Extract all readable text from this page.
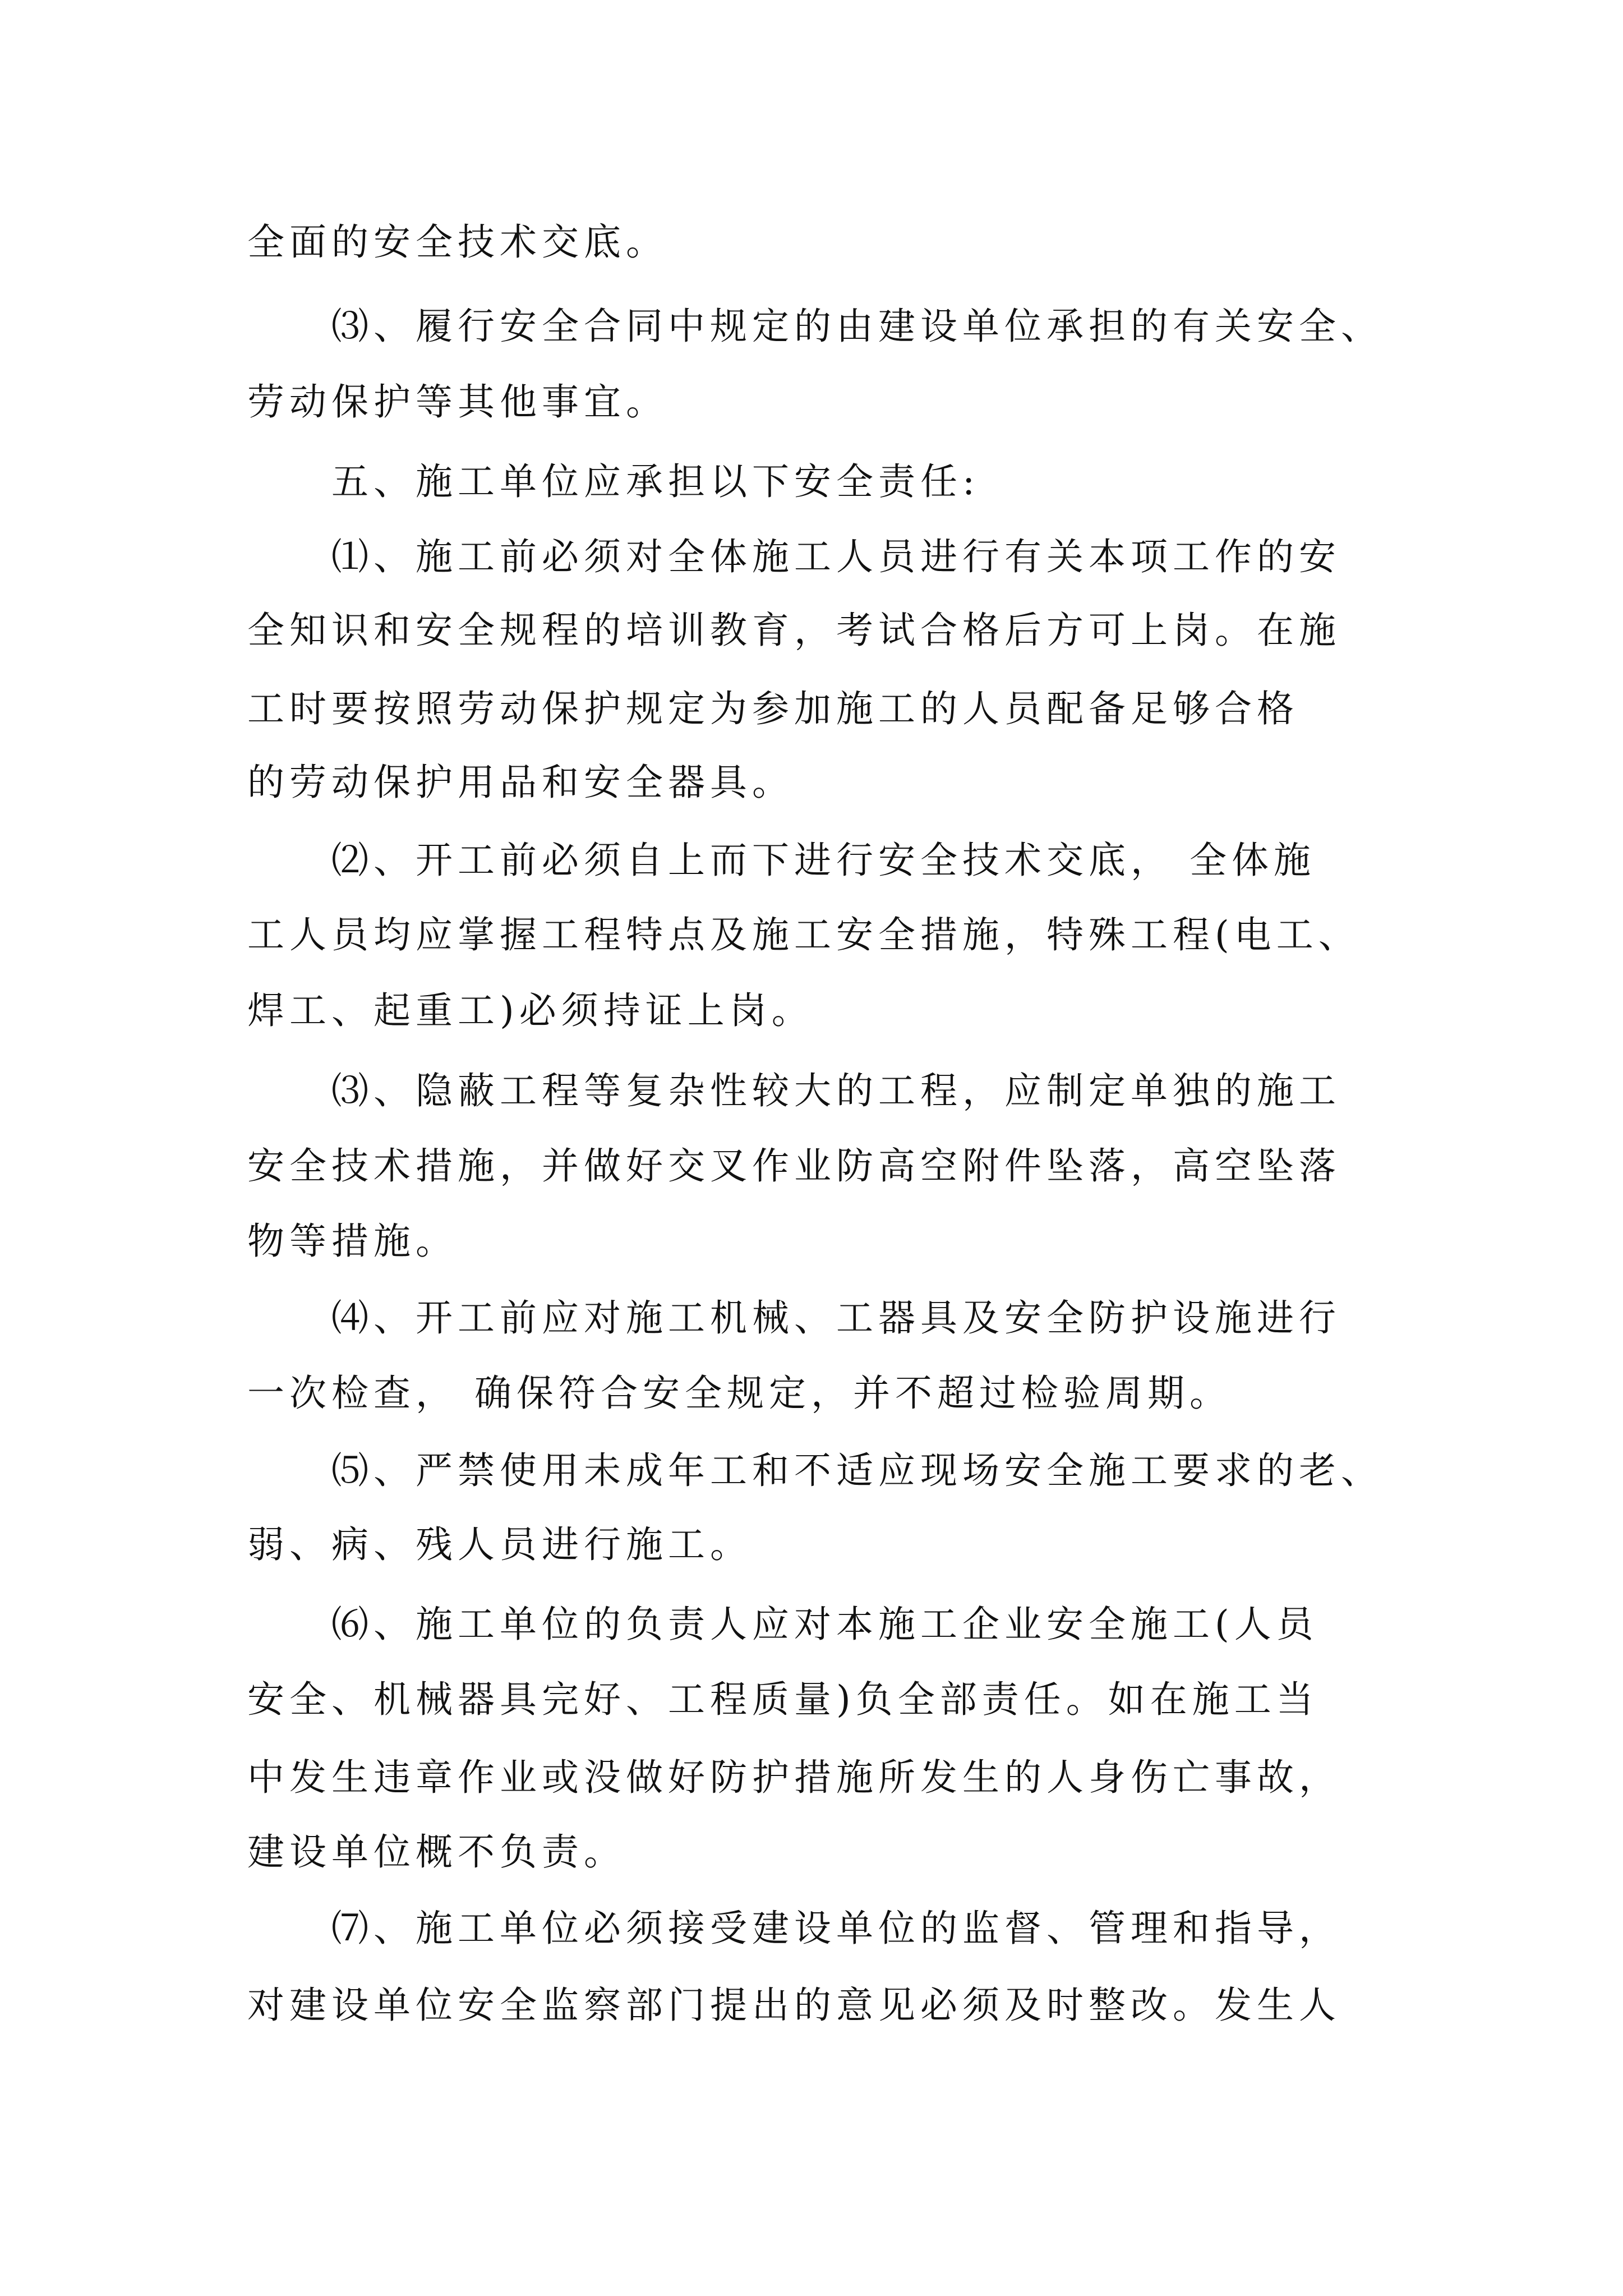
全面的安全技术交底。

⑶、履行安全合同中规定的由建设单位承担的有关安全、

劳动保护等其他事宜。

五、施工单位应承担以下安全责任:

⑴、施工前必须对全体施工人员进行有关本项工作的安

全知识和安全规程的培训教育，考试合格后方可上岗。在施

工时要按照劳动保护规定为参加施工的人员配备足够合格

的劳动保护用品和安全器具。

⑵、开工前必须自上而下进行安全技术交底， 全体施

工人员均应掌握工程特点及施工安全措施，特殊工程(电工、

焊工、起重工)必须持证上岗。

⑶、隐蔽工程等复杂性较大的工程，应制定单独的施工

安全技术措施，并做好交叉作业防高空附件坠落，高空坠落

物等措施。

⑷、开工前应对施工机械、工器具及安全防护设施进行

一次检查， 确保符合安全规定，并不超过检验周期。

⑸、严禁使用未成年工和不适应现场安全施工要求的老、

弱、病、残人员进行施工。

⑹、施工单位的负责人应对本施工企业安全施工(人员

安全、机械器具完好、工程质量)负全部责任。如在施工当

中发生违章作业或没做好防护措施所发生的人身伤亡事故，

建设单位概不负责。

⑺、施工单位必须接受建设单位的监督、管理和指导，

对建设单位安全监察部门提出的意见必须及时整改。发生人
